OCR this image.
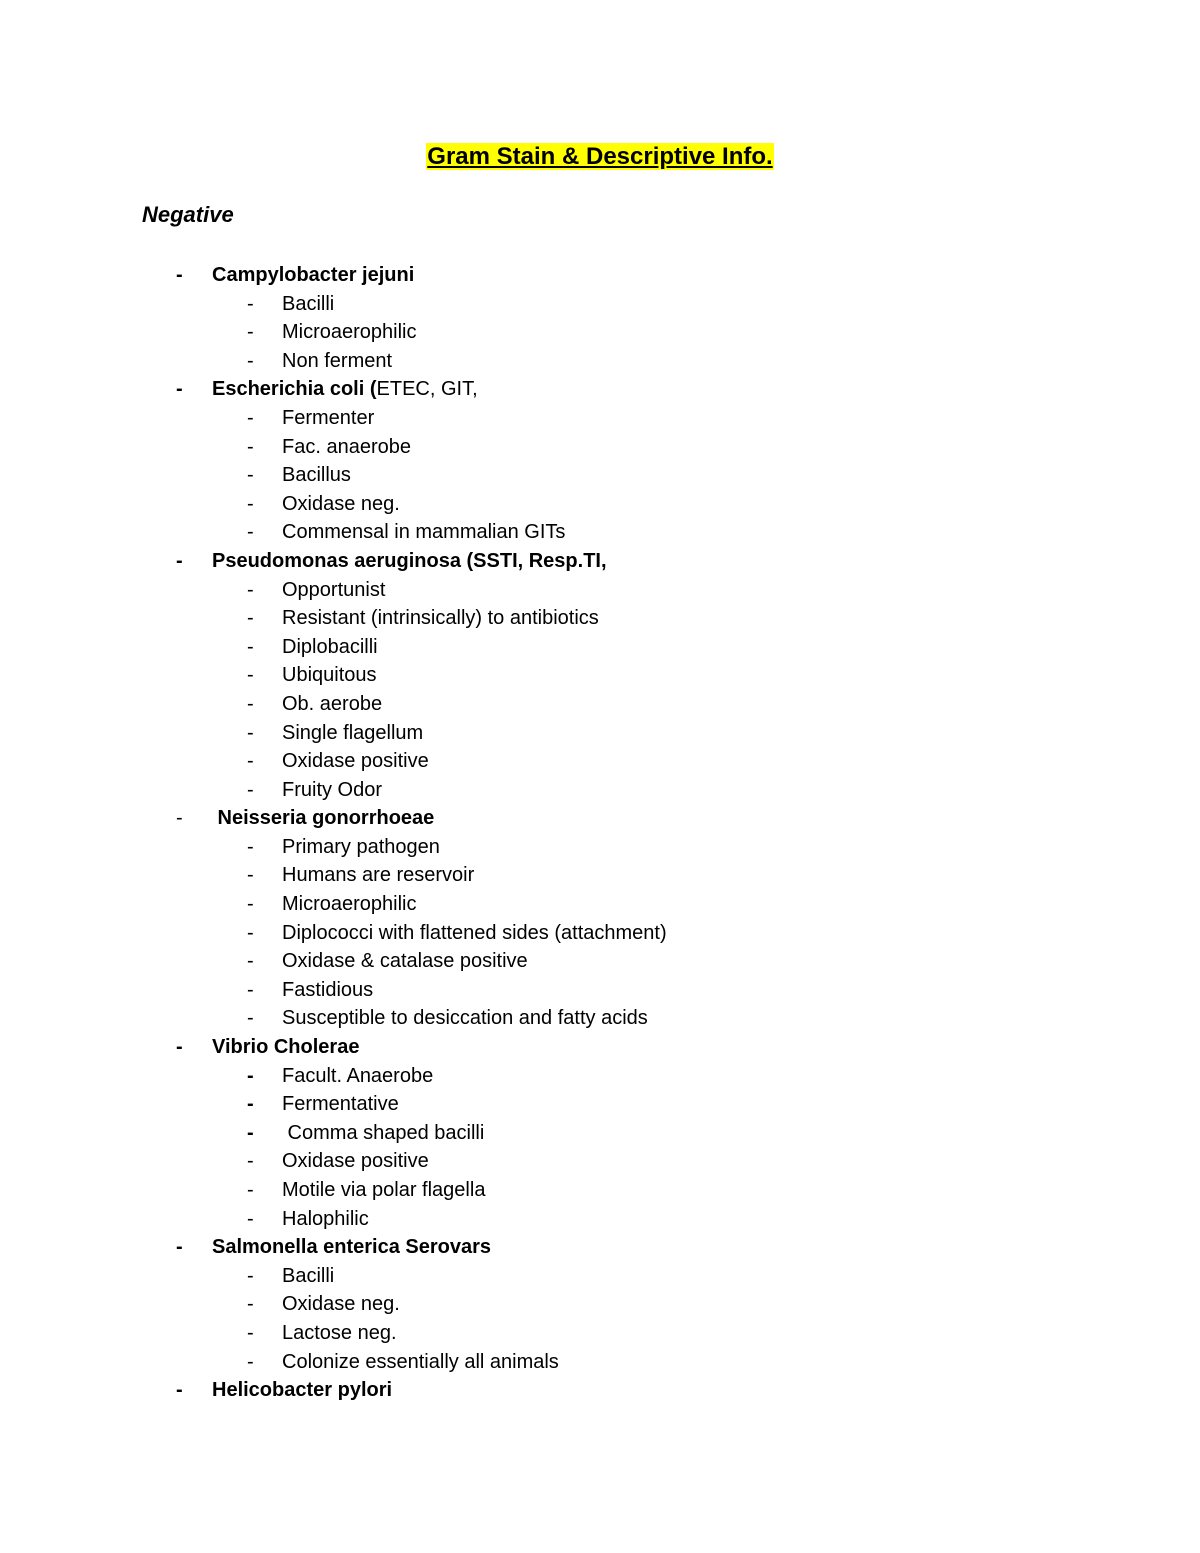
Gram Stain & Descriptive Info.
Negative
- Campylobacter jejuni
- Bacilli
- Microaerophilic
- Non ferment
- Escherichia coli (ETEC, GIT,
- Fermenter
- Fac. anaerobe
- Bacillus
- Oxidase neg.
- Commensal in mammalian GITs
- Pseudomonas aeruginosa (SSTI, Resp.TI,
- Opportunist
- Resistant (intrinsically) to antibiotics
- Diplobacilli
- Ubiquitous
- Ob. aerobe
- Single flagellum
- Oxidase positive
- Fruity Odor
- Neisseria gonorrhoeae
- Primary pathogen
- Humans are reservoir
- Microaerophilic
- Diplococci with flattened sides (attachment)
- Oxidase & catalase positive
- Fastidious
- Susceptible to desiccation and fatty acids
- Vibrio Cholerae
- Facult. Anaerobe
- Fermentative
- Comma shaped bacilli
- Oxidase positive
- Motile via polar flagella
- Halophilic
- Salmonella enterica Serovars
- Bacilli
- Oxidase neg.
- Lactose neg.
- Colonize essentially all animals
- Helicobacter pylori
